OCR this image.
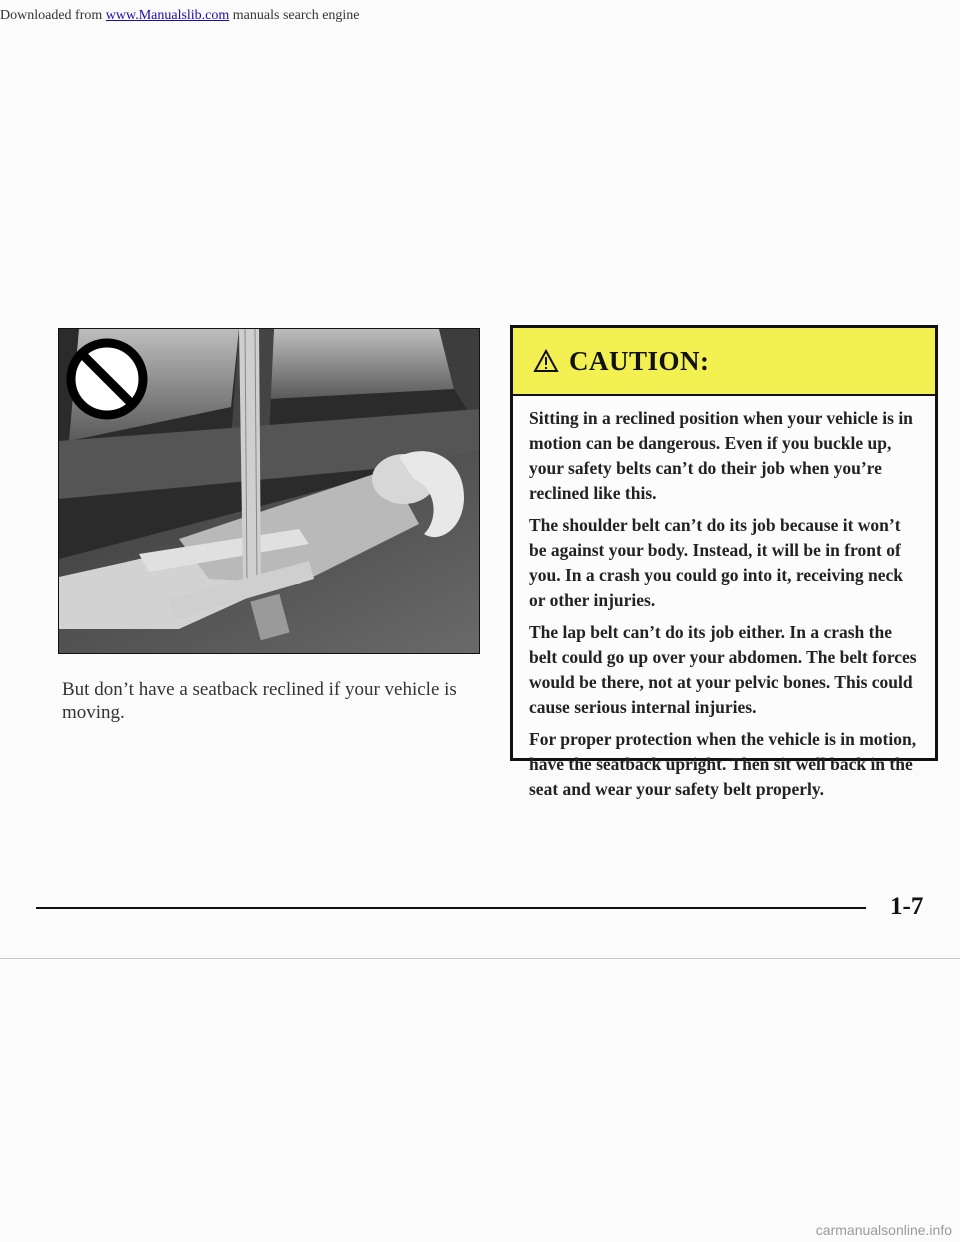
Downloaded from www.Manualslib.com manuals search engine
But don’t have a seatback reclined if your vehicle is moving.
CAUTION:

Sitting in a reclined position when your vehicle is in motion can be dangerous. Even if you buckle up, your safety belts can’t do their job when you’re reclined like this.

The shoulder belt can’t do its job because it won’t be against your body. Instead, it will be in front of you. In a crash you could go into it, receiving neck or other injuries.

The lap belt can’t do its job either. In a crash the belt could go up over your abdomen. The belt forces would be there, not at your pelvic bones. This could cause serious internal injuries.

For proper protection when the vehicle is in motion, have the seatback upright. Then sit well back in the seat and wear your safety belt properly.

1-7
carmanualsonline.info
